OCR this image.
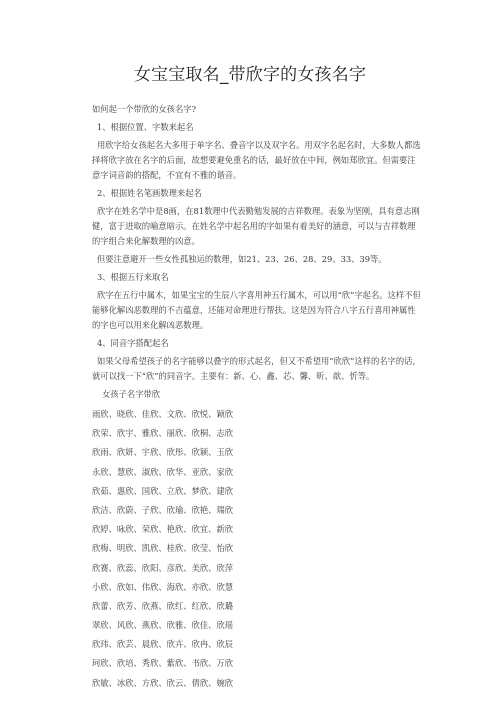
女宝宝取名_带欣字的女孩名字

如何起一个带欣的女孩名字?

1、根据位置、字数来起名

用欣字给女孩起名大多用于单字名、叠音字以及双字名。用双字名起名时，大多数人都选择将欣字放在名字的后面，故想要避免重名的话，最好放在中间，例如郑欣宜。但需要注意字词音韵的搭配，不宜有不雅的谐音。

2、根据姓名笔画数理来起名

欣字在姓名学中是8画，在81数理中代表勤勉发展的吉祥数理。表象为坚刚，具有意志刚健，富于进取的喻意暗示。在姓名学中起名用的字如果有着美好的涵意，可以与吉祥数理的字组合来化解数理的凶意。

但要注意避开一些女性孤独运的数理，如21、23、26、28、29、33、39等。

3、根据五行来取名

欣字在五行中属木，如果宝宝的生辰八字喜用神五行属木，可以用“欣”字起名。这样不但能够化解凶恶数理的不吉蕴意，还能对命理进行帮扶。这是因为符合八字五行喜用神属性的字也可以用来化解凶恶数理。

4、同音字搭配起名

如果父母希望孩子的名字能够以叠字的形式起名，但又不希望用“欣欣”这样的名字的话，就可以找一下“欣”的同音字。主要有：新、心、鑫、芯、馨、昕、歆、忻等。

女孩子名字带欣

雨欣、晓欣、佳欣、文欣、欣悦、颖欣
欣荣、欣宇、雅欣、丽欣、欣桐、志欣
欣雨、欣妍、宇欣、欣彤、欣颖、玉欣
永欣、慧欣、淑欣、欣华、亚欣、家欣
欣茹、惠欣、国欣、立欣、梦欣、建欣
欣洁、欣蔚、子欣、欣瑜、欣艳、瑞欣
欣婷、咏欣、荣欣、艳欣、欣宜、新欣
欣梅、明欣、凯欣、桂欣、欣莹、怡欣
欣赛、欣蕊、欣阳、彦欣、美欣、欣萍
小欣、欣如、伟欣、海欣、亦欣、欣慧
欣蕾、欣芳、欣燕、欣红、红欣、欣璐
翠欣、风欣、燕欣、欣雅、欣佳、欣瑶
欣玮、欣芸、晨欣、欣卉、欣冉、欣辰
珂欣、欣培、秀欣、紫欣、书欣、万欣
欣敏、冰欣、方欣、欣云、倩欣、婉欣
